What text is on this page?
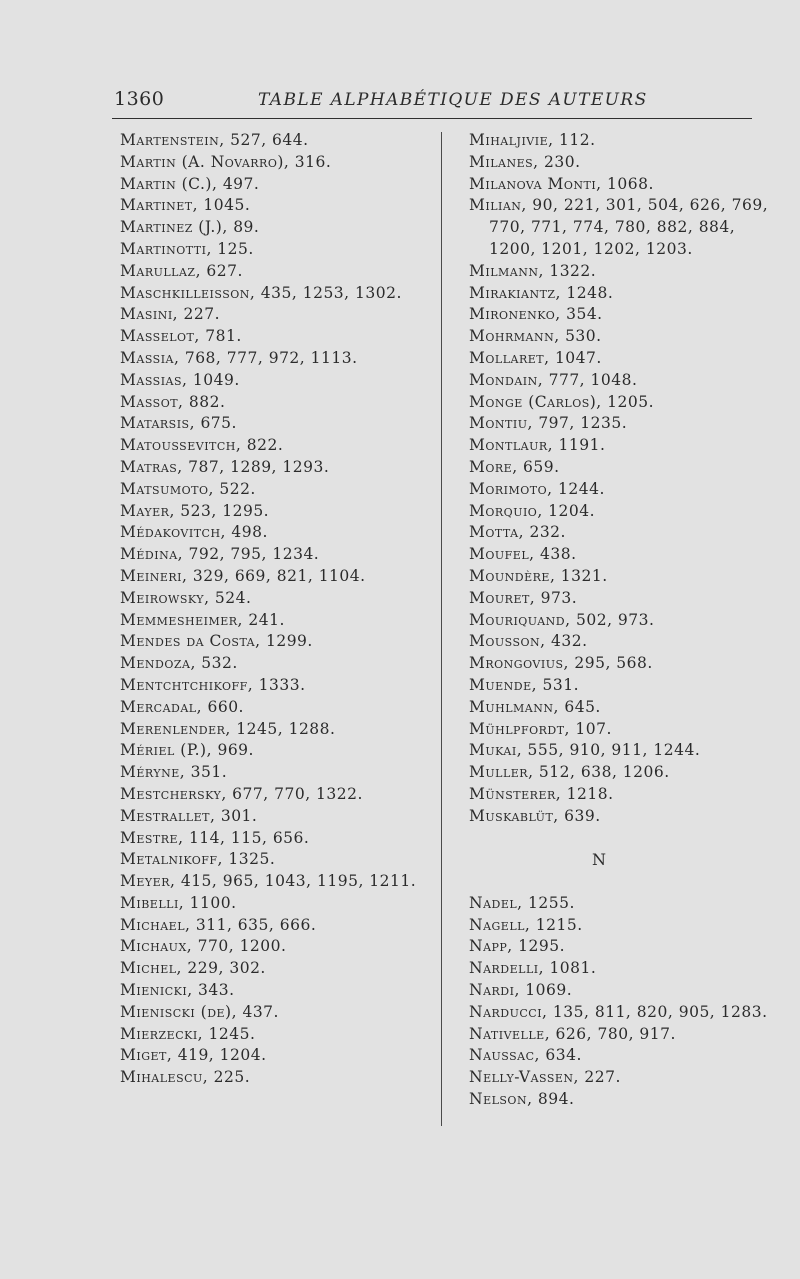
1360	TABLE ALPHABÉTIQUE DES AUTEURS
Martenstein, 527, 644.
Martin (A. Novarro), 316.
Martin (C.), 497.
Martinet, 1045.
Martinez (J.), 89.
Martinotti, 125.
Marullaz, 627.
Maschkilleisson, 435, 1253, 1302.
Masini, 227.
Masselot, 781.
Massia, 768, 777, 972, 1113.
Massias, 1049.
Massot, 882.
Matarsis, 675.
Matoussevitch, 822.
Matras, 787, 1289, 1293.
Matsumoto, 522.
Mayer, 523, 1295.
Médakovitch, 498.
Médina, 792, 795, 1234.
Meineri, 329, 669, 821, 1104.
Meirowsky, 524.
Memmesheimer, 241.
Mendes da Costa, 1299.
Mendoza, 532.
Mentchtchikoff, 1333.
Mercadal, 660.
Merenlender, 1245, 1288.
Mériel (P.), 969.
Méryne, 351.
Mestchersky, 677, 770, 1322.
Mestrallet, 301.
Mestre, 114, 115, 656.
Metalnikoff, 1325.
Meyer, 415, 965, 1043, 1195, 1211.
Mibelli, 1100.
Michael, 311, 635, 666.
Michaux, 770, 1200.
Michel, 229, 302.
Mienicki, 343.
Mieniscki (de), 437.
Mierzecki, 1245.
Miget, 419, 1204.
Mihalescu, 225.
Mihaljivie, 112.
Milanes, 230.
Milanova Monti, 1068.
Milian, 90, 221, 301, 504, 626, 769, 770, 771, 774, 780, 882, 884, 1200, 1201, 1202, 1203.
Milmann, 1322.
Mirakiantz, 1248.
Mironenko, 354.
Mohrmann, 530.
Mollaret, 1047.
Mondain, 777, 1048.
Monge (Carlos), 1205.
Montiu, 797, 1235.
Montlaur, 1191.
More, 659.
Morimoto, 1244.
Morquio, 1204.
Motta, 232.
Moufel, 438.
Moundère, 1321.
Mouret, 973.
Mouriquand, 502, 973.
Mousson, 432.
Mrongovius, 295, 568.
Muende, 531.
Muhlmann, 645.
Mühlpfordt, 107.
Mukai, 555, 910, 911, 1244.
Muller, 512, 638, 1206.
Münsterer, 1218.
Muskablüt, 639.
N
Nadel, 1255.
Nagell, 1215.
Napp, 1295.
Nardelli, 1081.
Nardi, 1069.
Narducci, 135, 811, 820, 905, 1283.
Nativelle, 626, 780, 917.
Naussac, 634.
Nelly-Vassen, 227.
Nelson, 894.
